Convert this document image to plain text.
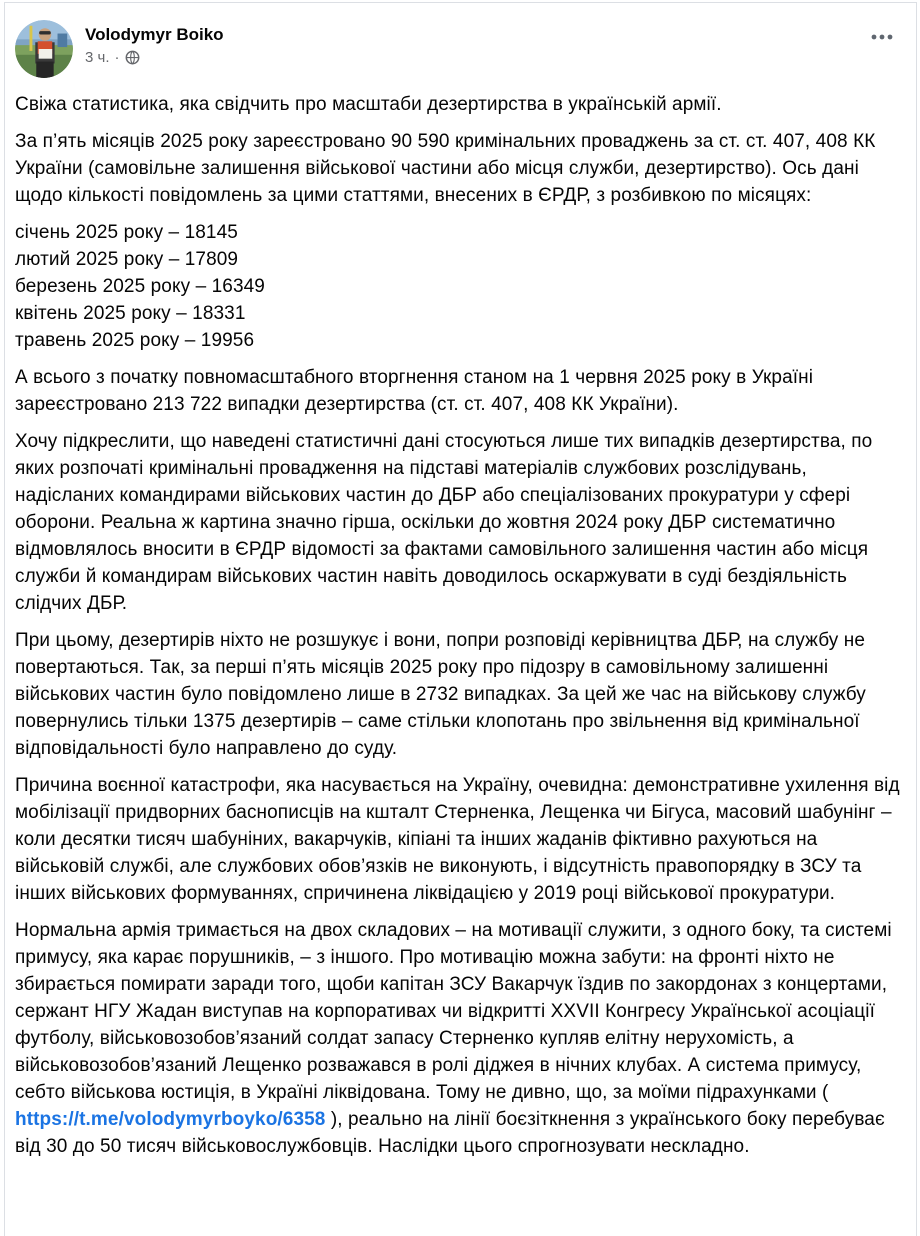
Volodymyr Boiko
3 ч. ·

Свіжа статистика, яка свідчить про масштаби дезертирства в українській армії.

За п’ять місяців 2025 року зареєстровано 90 590 кримінальних проваджень за ст. ст. 407, 408 КК України (самовільне залишення військової частини або місця служби, дезертирство). Ось дані щодо кількості повідомлень за цими статтями, внесених в ЄРДР, з розбивкою по місяцях:

січень 2025 року – 18145
лютий 2025 року – 17809
березень 2025 року – 16349
квітень 2025 року – 18331
травень 2025 року – 19956

А всього з початку повномасштабного вторгнення станом на 1 червня 2025 року в Україні зареєстровано 213 722 випадки дезертирства (ст. ст. 407, 408 КК України).

Хочу підкреслити, що наведені статистичні дані стосуються лише тих випадків дезертирства, по яких розпочаті кримінальні провадження на підставі матеріалів службових розслідувань, надісланих командирами військових частин до ДБР або спеціалізованих прокуратури у сфері оборони. Реальна ж картина значно гірша, оскільки до жовтня 2024 року ДБР систематично відмовлялось вносити в ЄРДР відомості за фактами самовільного залишення частин або місця служби й командирам військових частин навіть доводилось оскаржувати в суді бездіяльність слідчих ДБР.

При цьому, дезертирів ніхто не розшукує і вони, попри розповіді керівництва ДБР, на службу не повертаються. Так, за перші п’ять місяців 2025 року про підозру в самовільному залишенні військових частин було повідомлено лише в 2732 випадках. За цей же час на військову службу повернулись тільки 1375 дезертирів – саме стільки клопотань про звільнення від кримінальної відповідальності було направлено до суду.

Причина воєнної катастрофи, яка насувається на Україну, очевидна: демонстративне ухилення від мобілізації придворних баснописців на кшталт Стерненка, Лещенка чи Бігуса, масовий шабунінг – коли десятки тисяч шабуніних, вакарчуків, кіпіані та інших жаданів фіктивно рахуються на військовій службі, але службових обов’язків не виконують, і відсутність правопорядку в ЗСУ та інших військових формуваннях, спричинена ліквідацією у 2019 році військової прокуратури.

Нормальна армія тримається на двох складових – на мотивації служити, з одного боку, та системі примусу, яка карає порушників, – з іншого. Про мотивацію можна забути: на фронті ніхто не збирається помирати заради того, щоби капітан ЗСУ Вакарчук їздив по закордонах з концертами, сержант НГУ Жадан виступав на корпоративах чи відкритті XXVII Конгресу Української асоціації футболу, військовозобов’язаний солдат запасу Стерненко купляв елітну нерухомість, а військовозобов’язаний Лещенко розважався в ролі діджея в нічних клубах. А система примусу, себто військова юстиція, в Україні ліквідована. Тому не дивно, що, за моїми підрахунками ( https://t.me/volodymyrboyko/6358 ), реально на лінії боєзіткнення з українського боку перебуває від 30 до 50 тисяч військовослужбовців. Наслідки цього спрогнозувати нескладно.
